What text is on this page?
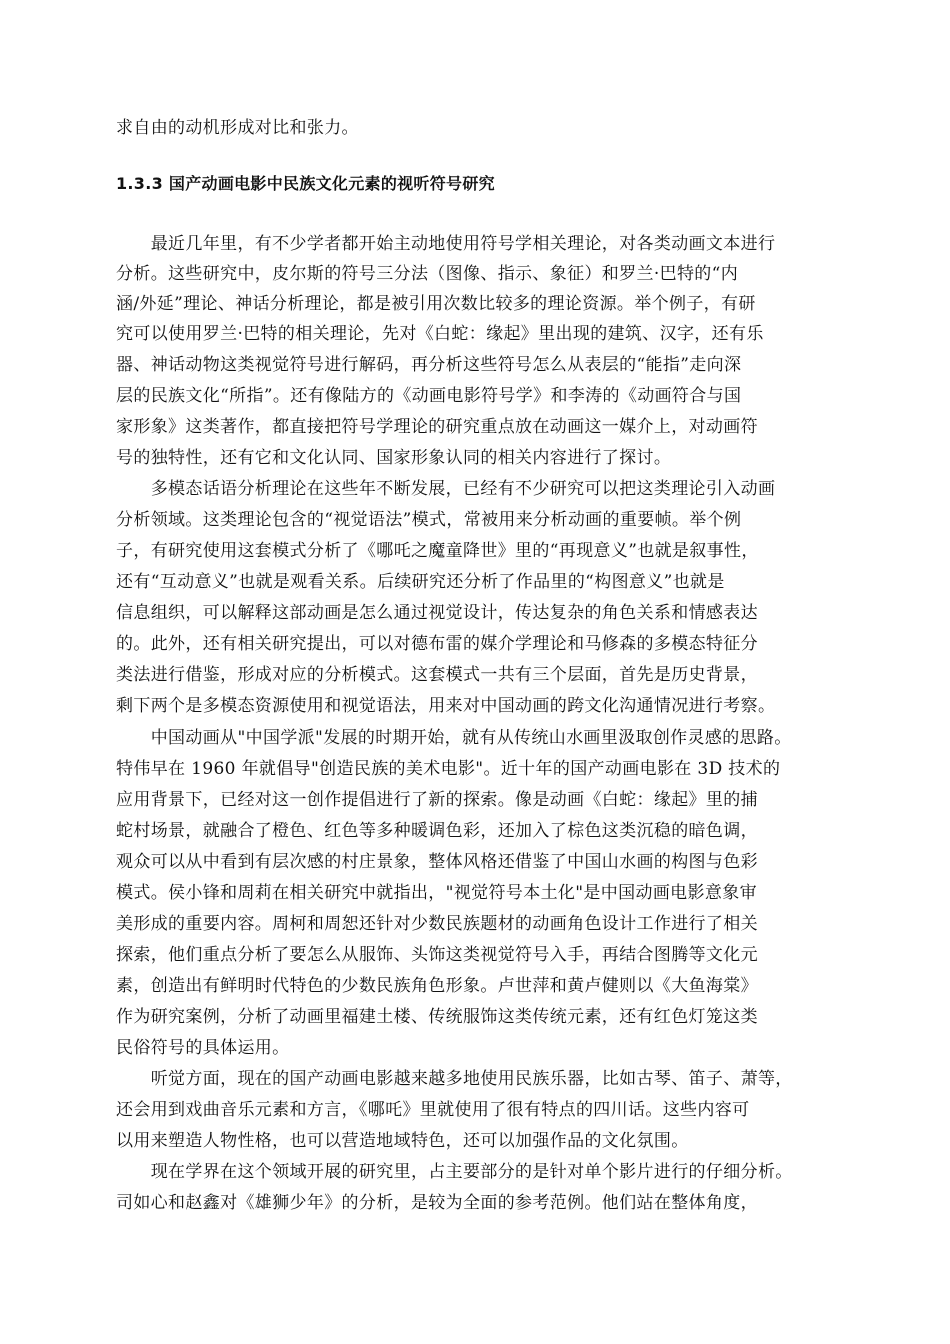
求自由的动机形成对比和张力。
1.3.3 国产动画电影中民族文化元素的视听符号研究
　　最近几年里，有不少学者都开始主动地使用符号学相关理论，对各类动画文本进行
分析。这些研究中，皮尔斯的符号三分法（图像、指示、象征）和罗兰·巴特的“内
涵/外延”理论、神话分析理论，都是被引用次数比较多的理论资源。举个例子，有研
究可以使用罗兰·巴特的相关理论，先对《白蛇：缘起》里出现的建筑、汉字，还有乐
器、神话动物这类视觉符号进行解码，再分析这些符号怎么从表层的“能指”走向深
层的民族文化“所指”。还有像陆方的《动画电影符号学》和李涛的《动画符合与国
家形象》这类著作，都直接把符号学理论的研究重点放在动画这一媒介上，对动画符
号的独特性，还有它和文化认同、国家形象认同的相关内容进行了探讨。
　　多模态话语分析理论在这些年不断发展，已经有不少研究可以把这类理论引入动画
分析领域。这类理论包含的“视觉语法”模式，常被用来分析动画的重要帧。举个例
子，有研究使用这套模式分析了《哪吒之魔童降世》里的“再现意义”也就是叙事性，
还有“互动意义”也就是观看关系。后续研究还分析了作品里的“构图意义”也就是
信息组织，可以解释这部动画是怎么通过视觉设计，传达复杂的角色关系和情感表达
的。此外，还有相关研究提出，可以对德布雷的媒介学理论和马修森的多模态特征分
类法进行借鉴，形成对应的分析模式。这套模式一共有三个层面，首先是历史背景，
剩下两个是多模态资源使用和视觉语法，用来对中国动画的跨文化沟通情况进行考察。
　　中国动画从"中国学派"发展的时期开始，就有从传统山水画里汲取创作灵感的思路。
特伟早在 1960 年就倡导"创造民族的美术电影"。近十年的国产动画电影在 3D 技术的
应用背景下，已经对这一创作提倡进行了新的探索。像是动画《白蛇：缘起》里的捕
蛇村场景，就融合了橙色、红色等多种暖调色彩，还加入了棕色这类沉稳的暗色调，
观众可以从中看到有层次感的村庄景象，整体风格还借鉴了中国山水画的构图与色彩
模式。侯小锋和周莉在相关研究中就指出，"视觉符号本土化"是中国动画电影意象审
美形成的重要内容。周柯和周恕还针对少数民族题材的动画角色设计工作进行了相关
探索，他们重点分析了要怎么从服饰、头饰这类视觉符号入手，再结合图腾等文化元
素，创造出有鲜明时代特色的少数民族角色形象。卢世萍和黄卢健则以《大鱼海棠》
作为研究案例，分析了动画里福建土楼、传统服饰这类传统元素，还有红色灯笼这类
民俗符号的具体运用。
　　听觉方面，现在的国产动画电影越来越多地使用民族乐器，比如古琴、笛子、萧等，
还会用到戏曲音乐元素和方言，《哪吒》里就使用了很有特点的四川话。这些内容可
以用来塑造人物性格，也可以营造地域特色，还可以加强作品的文化氛围。
　　现在学界在这个领域开展的研究里，占主要部分的是针对单个影片进行的仔细分析。
司如心和赵鑫对《雄狮少年》的分析，是较为全面的参考范例。他们站在整体角度，
